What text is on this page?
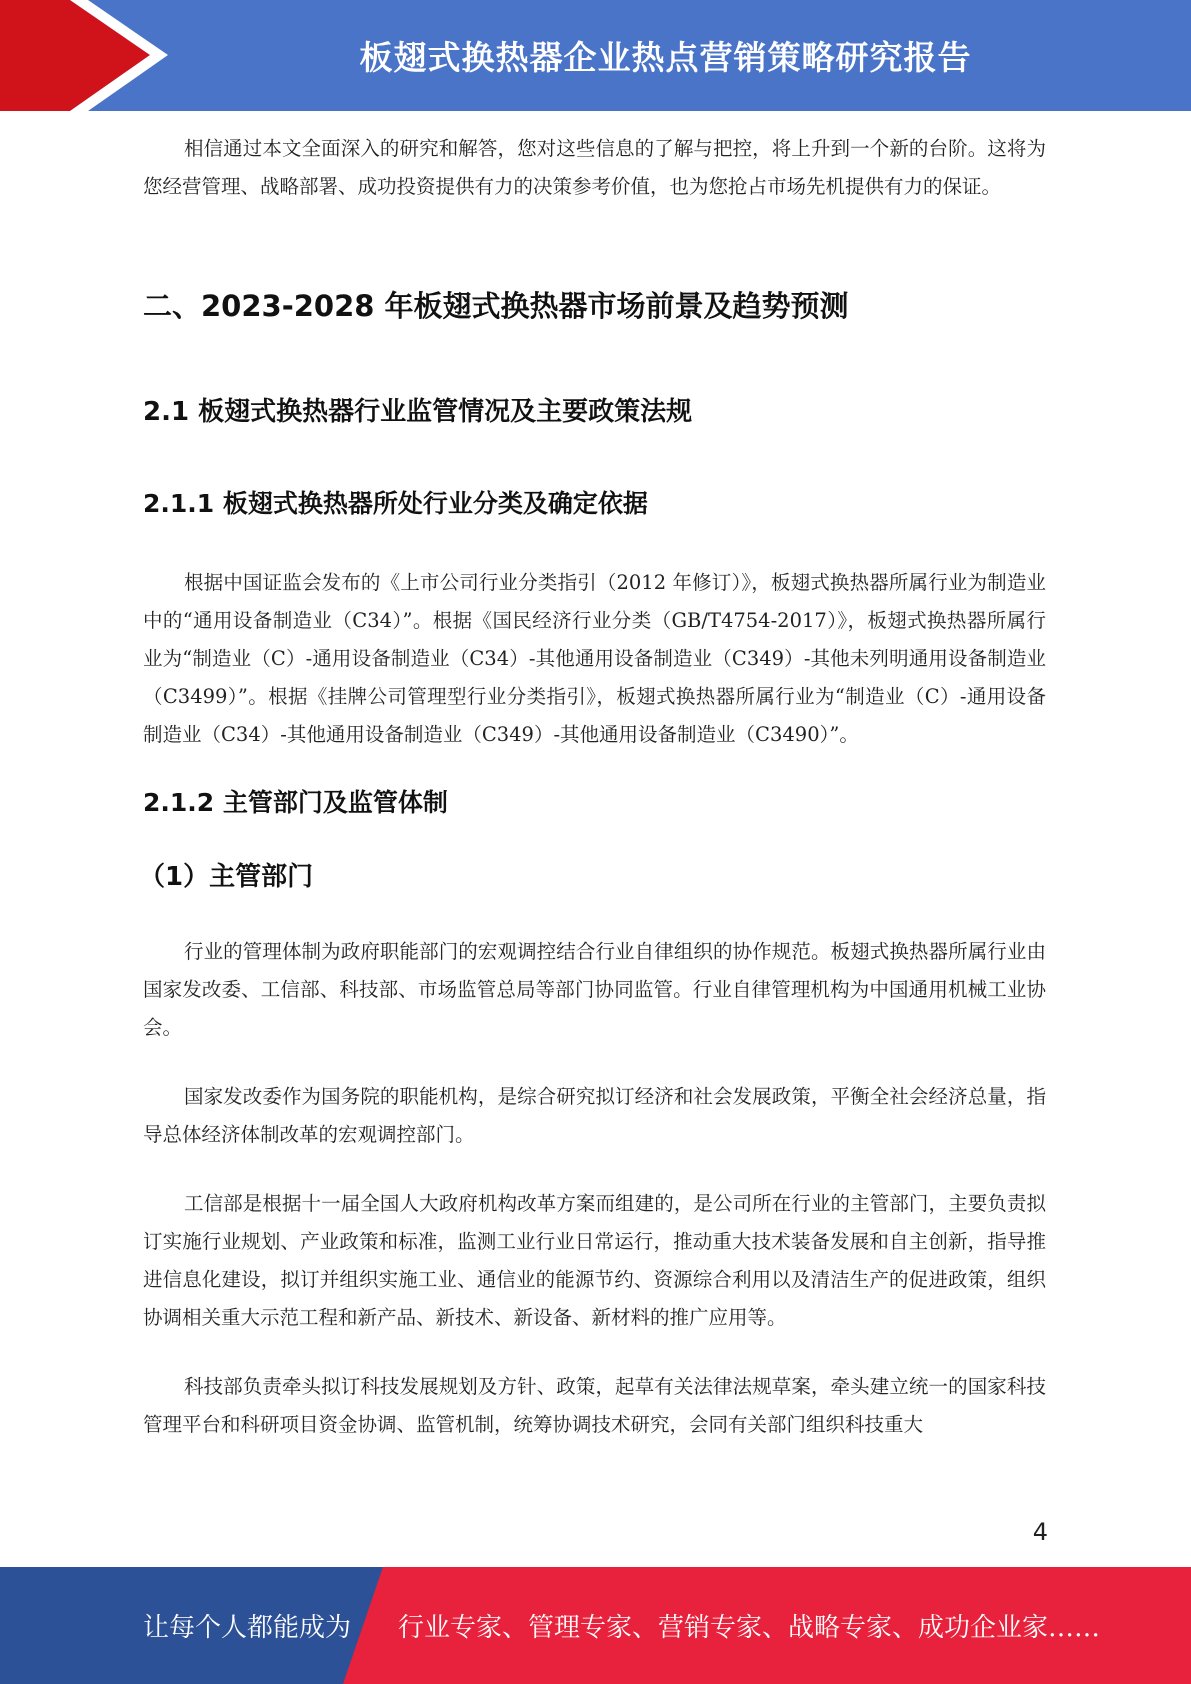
板翅式换热器企业热点营销策略研究报告

相信通过本文全面深入的研究和解答，您对这些信息的了解与把控，将上升到一个新的台阶。这将为您经营管理、战略部署、成功投资提供有力的决策参考价值，也为您抢占市场先机提供有力的保证。

二、2023-2028 年板翅式换热器市场前景及趋势预测
2.1 板翅式换热器行业监管情况及主要政策法规
2.1.1 板翅式换热器所处行业分类及确定依据

根据中国证监会发布的《上市公司行业分类指引（2012 年修订）》，板翅式换热器所属行业为制造业中的“通用设备制造业（C34）”。根据《国民经济行业分类（GB/T4754-2017）》，板翅式换热器所属行业为“制造业（C）-通用设备制造业（C34）-其他通用设备制造业（C349）-其他未列明通用设备制造业（C3499）”。根据《挂牌公司管理型行业分类指引》，板翅式换热器所属行业为“制造业（C）-通用设备制造业（C34）-其他通用设备制造业（C349）-其他通用设备制造业（C3490）”。

2.1.2 主管部门及监管体制
（1）主管部门

行业的管理体制为政府职能部门的宏观调控结合行业自律组织的协作规范。板翅式换热器所属行业由国家发改委、工信部、科技部、市场监管总局等部门协同监管。行业自律管理机构为中国通用机械工业协会。

国家发改委作为国务院的职能机构，是综合研究拟订经济和社会发展政策，平衡全社会经济总量，指导总体经济体制改革的宏观调控部门。

工信部是根据十一届全国人大政府机构改革方案而组建的，是公司所在行业的主管部门，主要负责拟订实施行业规划、产业政策和标准，监测工业行业日常运行，推动重大技术装备发展和自主创新，指导推进信息化建设，拟订并组织实施工业、通信业的能源节约、资源综合利用以及清洁生产的促进政策，组织协调相关重大示范工程和新产品、新技术、新设备、新材料的推广应用等。

科技部负责牵头拟订科技发展规划及方针、政策，起草有关法律法规草案，牵头建立统一的国家科技管理平台和科研项目资金协调、监管机制，统筹协调技术研究，会同有关部门组织科技重大

4
让每个人都能成为 行业专家、管理专家、营销专家、战略专家、成功企业家……
